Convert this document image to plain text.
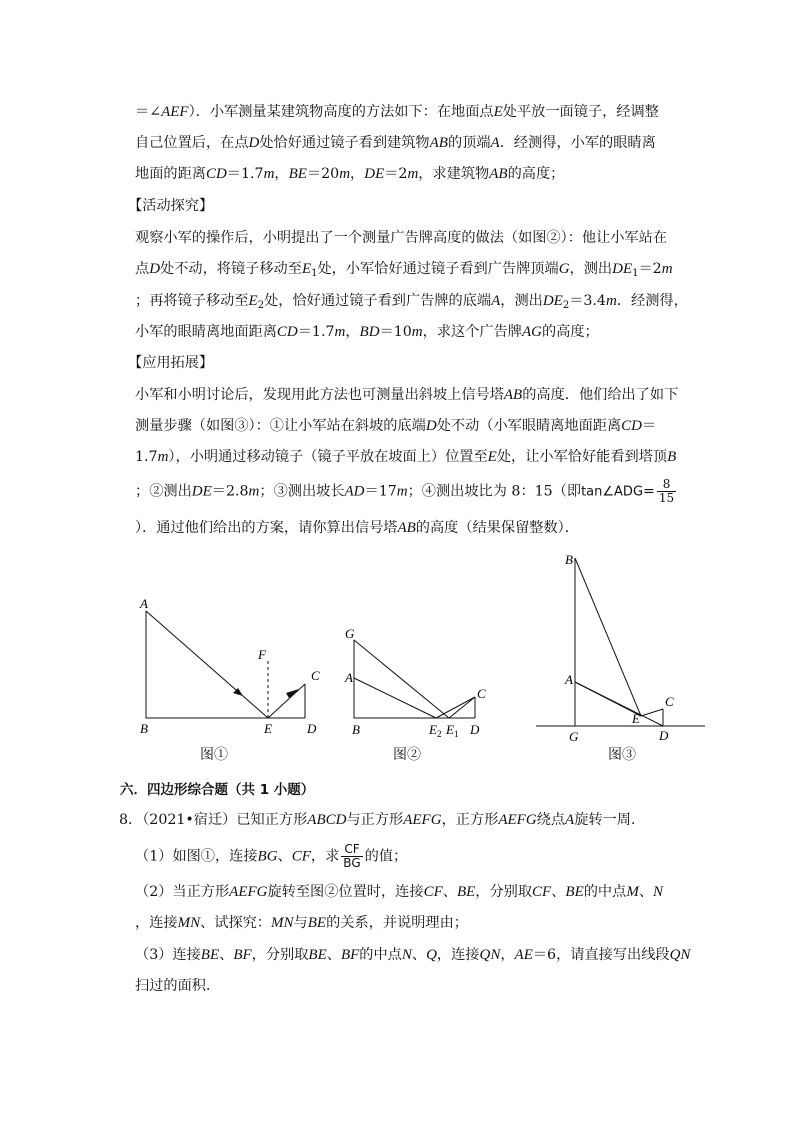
＝∠AEF）．小军测量某建筑物高度的方法如下：在地面点E处平放一面镜子，经调整
自己位置后，在点D处恰好通过镜子看到建筑物AB的顶端A．经测得，小军的眼睛离
地面的距离CD＝1.7m，BE＝20m，DE＝2m，求建筑物AB的高度；
【活动探究】
观察小军的操作后，小明提出了一个测量广告牌高度的做法（如图②）：他让小军站在
点D处不动，将镜子移动至$E_1$处，小军恰好通过镜子看到广告牌顶端G，测出$DE_1=2m$
；再将镜子移动至$E_2$处，恰好通过镜子看到广告牌的底端A，测出$DE_2=3.4m$．经测得，
小军的眼睛离地面距离CD＝1.7m，BD＝10m，求这个广告牌AG的高度；
【应用拓展】
小军和小明讨论后，发现用此方法也可测量出斜坡上信号塔AB的高度．他们给出了如下
测量步骤（如图③）：①让小军站在斜坡的底端D处不动（小军眼睛离地面距离CD＝
1.7m），小明通过移动镜子（镜子平放在坡面上）位置至E处，让小军恰好能看到塔顶B
；②测出DE＝2.8m；③测出坡长AD＝17m；④测出坡比为 8：15（即tan∠ADG= $\frac{8}{15}$
）．通过他们给出的方案，请你算出信号塔AB的高度（结果保留整数）．
A
B	E
F
C
D
图①
G
A
B	$E_2$ $E_1$ D
C
图②
B
A
E
C
G	D
图③
六．四边形综合题（共 1 小题）
8．（2021•宿迁）已知正方形ABCD与正方形AEFG，正方形AEFG绕点A旋转一周．
（1）如图①，连接BG、CF，求 $\frac{CF}{BG}$ 的值；
（2）当正方形AEFG旋转至图②位置时，连接CF、BE，分别取CF、BE的中点M、N
，连接MN、试探究：MN与BE的关系，并说明理由；
（3）连接BE、BF，分别取BE、BF的中点N、Q，连接QN，AE＝6，请直接写出线段QN
扫过的面积．
